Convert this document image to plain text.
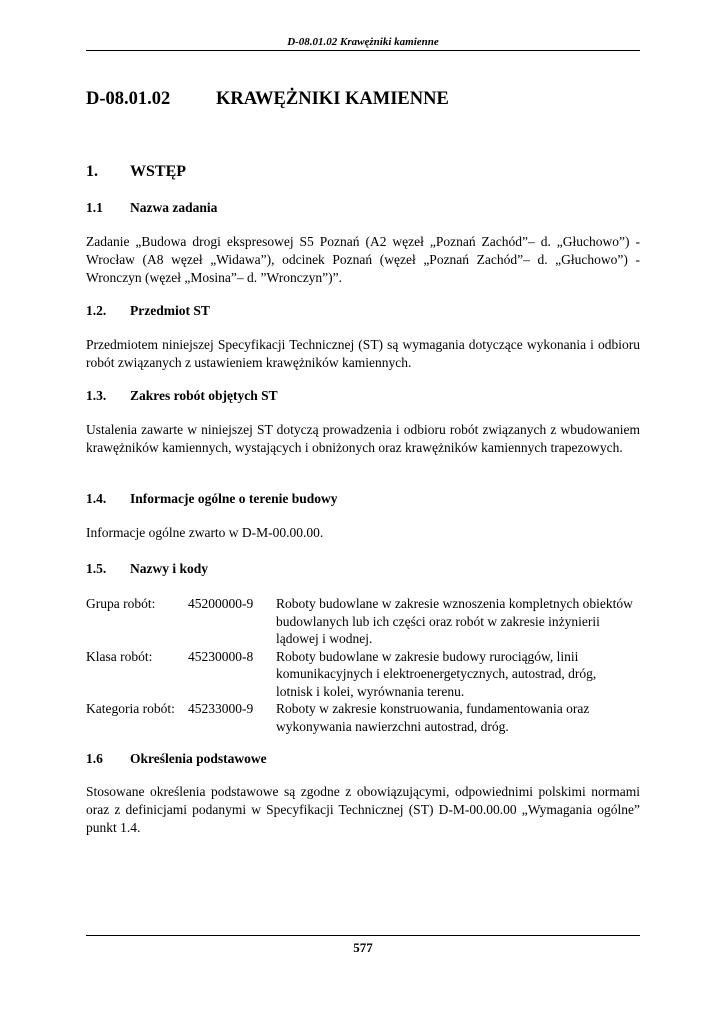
D-08.01.02 Krawężniki kamienne
D-08.01.02 KRAWĘŻNIKI KAMIENNE
1. WSTĘP
1.1 Nazwa zadania
Zadanie „Budowa drogi ekspresowej S5 Poznań (A2 węzeł „Poznań Zachód”– d. „Głuchowo”) - Wrocław (A8 węzeł „Widawa”), odcinek Poznań (węzeł „Poznań Zachód”– d. „Głuchowo”) - Wronczyn (węzeł „Mosina”– d. ”Wronczyn”)”.
1.2. Przedmiot ST
Przedmiotem niniejszej Specyfikacji Technicznej (ST) są wymagania dotyczące wykonania i odbioru robót związanych z ustawieniem krawężników kamiennych.
1.3. Zakres robót objętych ST
Ustalenia zawarte w niniejszej ST dotyczą prowadzenia i odbioru robót związanych z wbudowaniem krawężników kamiennych, wystających i obniżonych oraz krawężników kamiennych trapezowych.
1.4. Informacje ogólne o terenie budowy
Informacje ogólne zwarto w D-M-00.00.00.
1.5. Nazwy i kody
Grupa robót:	45200000-9	Roboty budowlane w zakresie wznoszenia kompletnych obiektów budowlanych lub ich części oraz robót w zakresie inżynierii lądowej i wodnej.
Klasa robót:	45230000-8	Roboty budowlane w zakresie budowy rurociągów, linii komunikacyjnych i elektroenergetycznych, autostrad, dróg, lotnisk i kolei, wyrównania terenu.
Kategoria robót: 45233000-9	Roboty w zakresie konstruowania, fundamentowania oraz wykonywania nawierzchni autostrad, dróg.
1.6 Określenia podstawowe
Stosowane określenia podstawowe są zgodne z obowiązującymi, odpowiednimi polskimi normami oraz z definicjami podanymi w Specyfikacji Technicznej (ST) D-M-00.00.00 „Wymagania ogólne” punkt 1.4.
577
